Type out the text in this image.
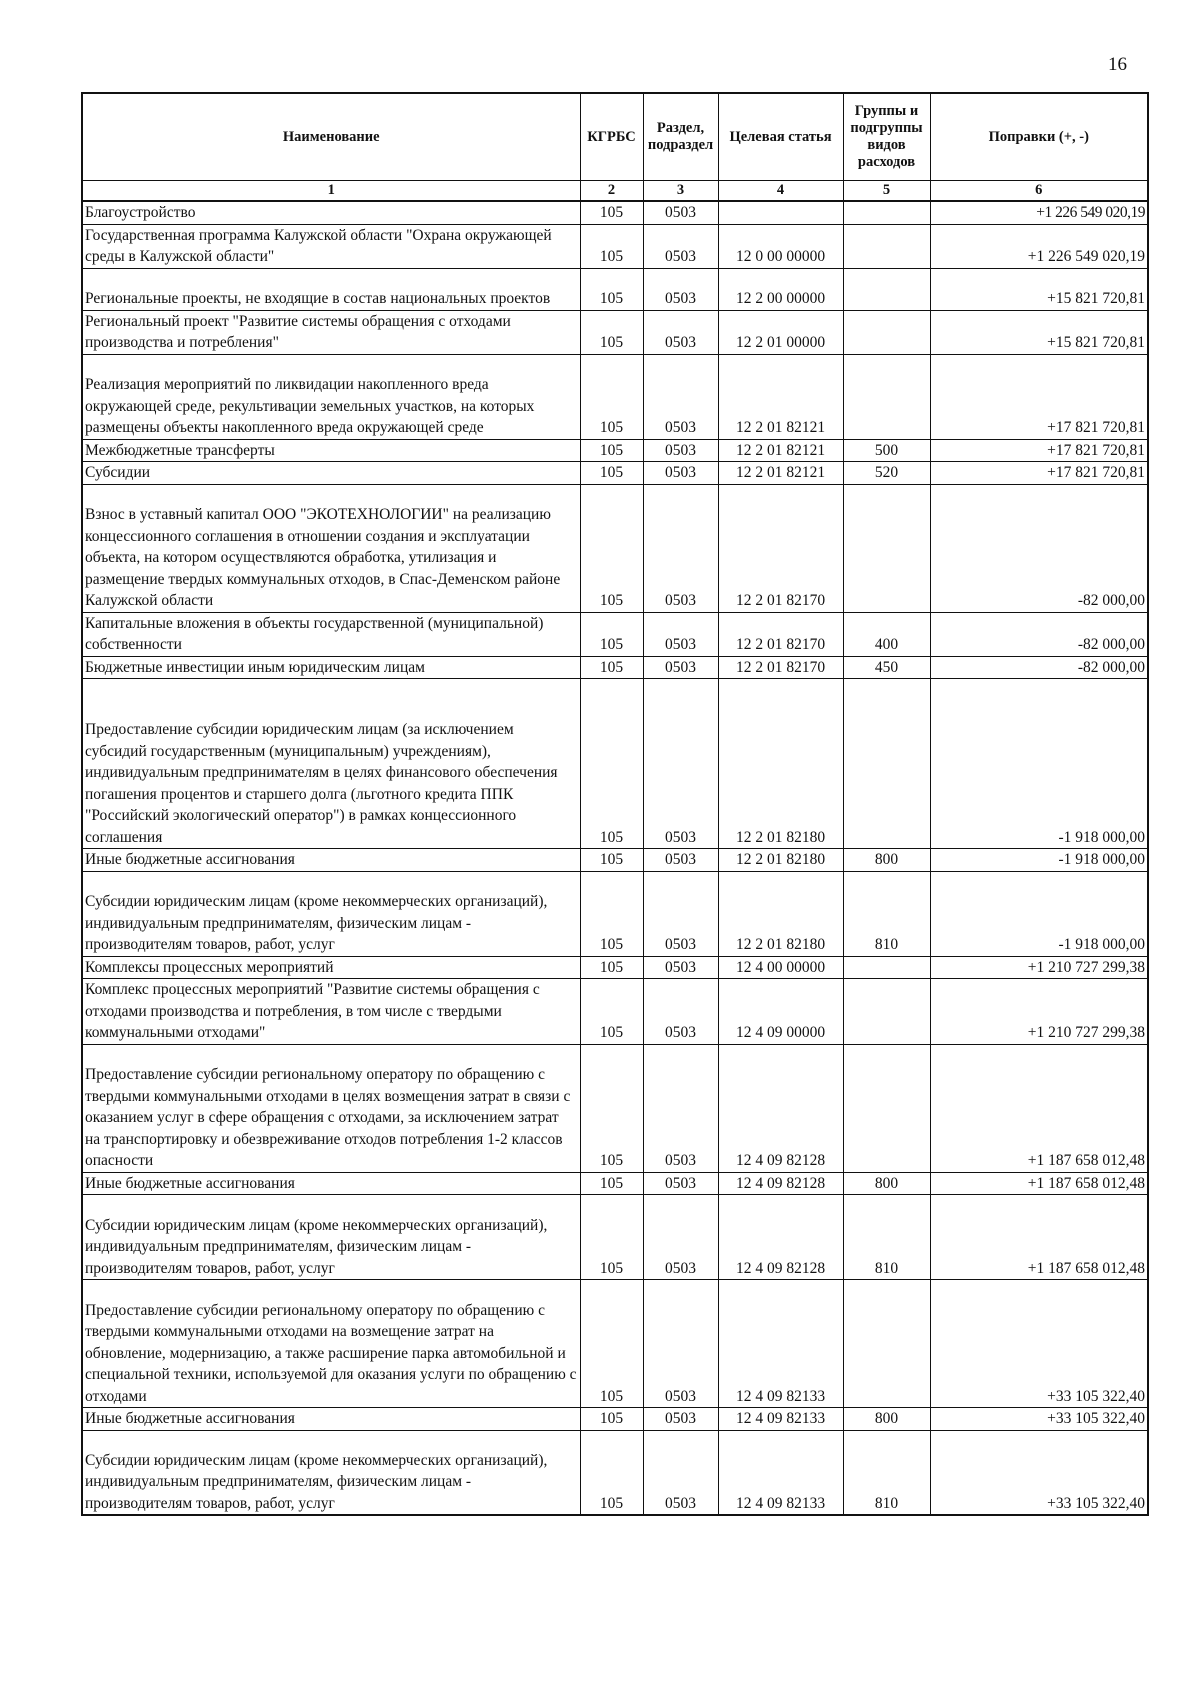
16
Наименование	КГРБС	Раздел, подраздел	Целевая статья	Группы и подгруппы видов расходов	Поправки (+, -)
1	2	3	4	5	6
Благоустройство	105	0503			+1 226 549 020,19
Государственная программа Калужской области "Охрана окружающей среды в Калужской области"	105	0503	12 0 00 00000		+1 226 549 020,19
Региональные проекты, не входящие в состав национальных проектов	105	0503	12 2 00 00000		+15 821 720,81
Региональный проект "Развитие системы обращения с отходами производства и потребления"	105	0503	12 2 01 00000		+15 821 720,81
Реализация мероприятий по ликвидации накопленного вреда окружающей среде, рекультивации земельных участков, на которых размещены объекты накопленного вреда окружающей среде	105	0503	12 2 01 82121		+17 821 720,81
Межбюджетные трансферты	105	0503	12 2 01 82121	500	+17 821 720,81
Субсидии	105	0503	12 2 01 82121	520	+17 821 720,81
Взнос в уставный капитал ООО "ЭКОТЕХНОЛОГИИ" на реализацию концессионного соглашения в отношении создания и эксплуатации объекта, на котором осуществляются обработка, утилизация и размещение твердых коммунальных отходов, в Спас-Деменском районе Калужской области	105	0503	12 2 01 82170		-82 000,00
Капитальные вложения в объекты государственной (муниципальной) собственности	105	0503	12 2 01 82170	400	-82 000,00
Бюджетные инвестиции иным юридическим лицам	105	0503	12 2 01 82170	450	-82 000,00
Предоставление субсидии юридическим лицам (за исключением субсидий государственным (муниципальным) учреждениям), индивидуальным предпринимателям в целях финансового обеспечения погашения процентов и старшего долга (льготного кредита ППК "Российский экологический оператор") в рамках концессионного соглашения	105	0503	12 2 01 82180		-1 918 000,00
Иные бюджетные ассигнования	105	0503	12 2 01 82180	800	-1 918 000,00
Субсидии юридическим лицам (кроме некоммерческих организаций), индивидуальным предпринимателям, физическим лицам - производителям товаров, работ, услуг	105	0503	12 2 01 82180	810	-1 918 000,00
Комплексы процессных мероприятий	105	0503	12 4 00 00000		+1 210 727 299,38
Комплекс процессных мероприятий "Развитие системы обращения с отходами производства и потребления, в том числе с твердыми коммунальными отходами"	105	0503	12 4 09 00000		+1 210 727 299,38
Предоставление субсидии региональному оператору по обращению с твердыми коммунальными отходами в целях возмещения затрат в связи с оказанием услуг в сфере обращения с отходами, за исключением затрат на транспортировку и обезвреживание отходов потребления 1-2 классов опасности	105	0503	12 4 09 82128		+1 187 658 012,48
Иные бюджетные ассигнования	105	0503	12 4 09 82128	800	+1 187 658 012,48
Субсидии юридическим лицам (кроме некоммерческих организаций), индивидуальным предпринимателям, физическим лицам - производителям товаров, работ, услуг	105	0503	12 4 09 82128	810	+1 187 658 012,48
Предоставление субсидии региональному оператору по обращению с твердыми коммунальными отходами на возмещение затрат на обновление, модернизацию, а также расширение парка автомобильной и специальной техники, используемой для оказания услуги по обращению с отходами	105	0503	12 4 09 82133		+33 105 322,40
Иные бюджетные ассигнования	105	0503	12 4 09 82133	800	+33 105 322,40
Субсидии юридическим лицам (кроме некоммерческих организаций), индивидуальным предпринимателям, физическим лицам - производителям товаров, работ, услуг	105	0503	12 4 09 82133	810	+33 105 322,40
